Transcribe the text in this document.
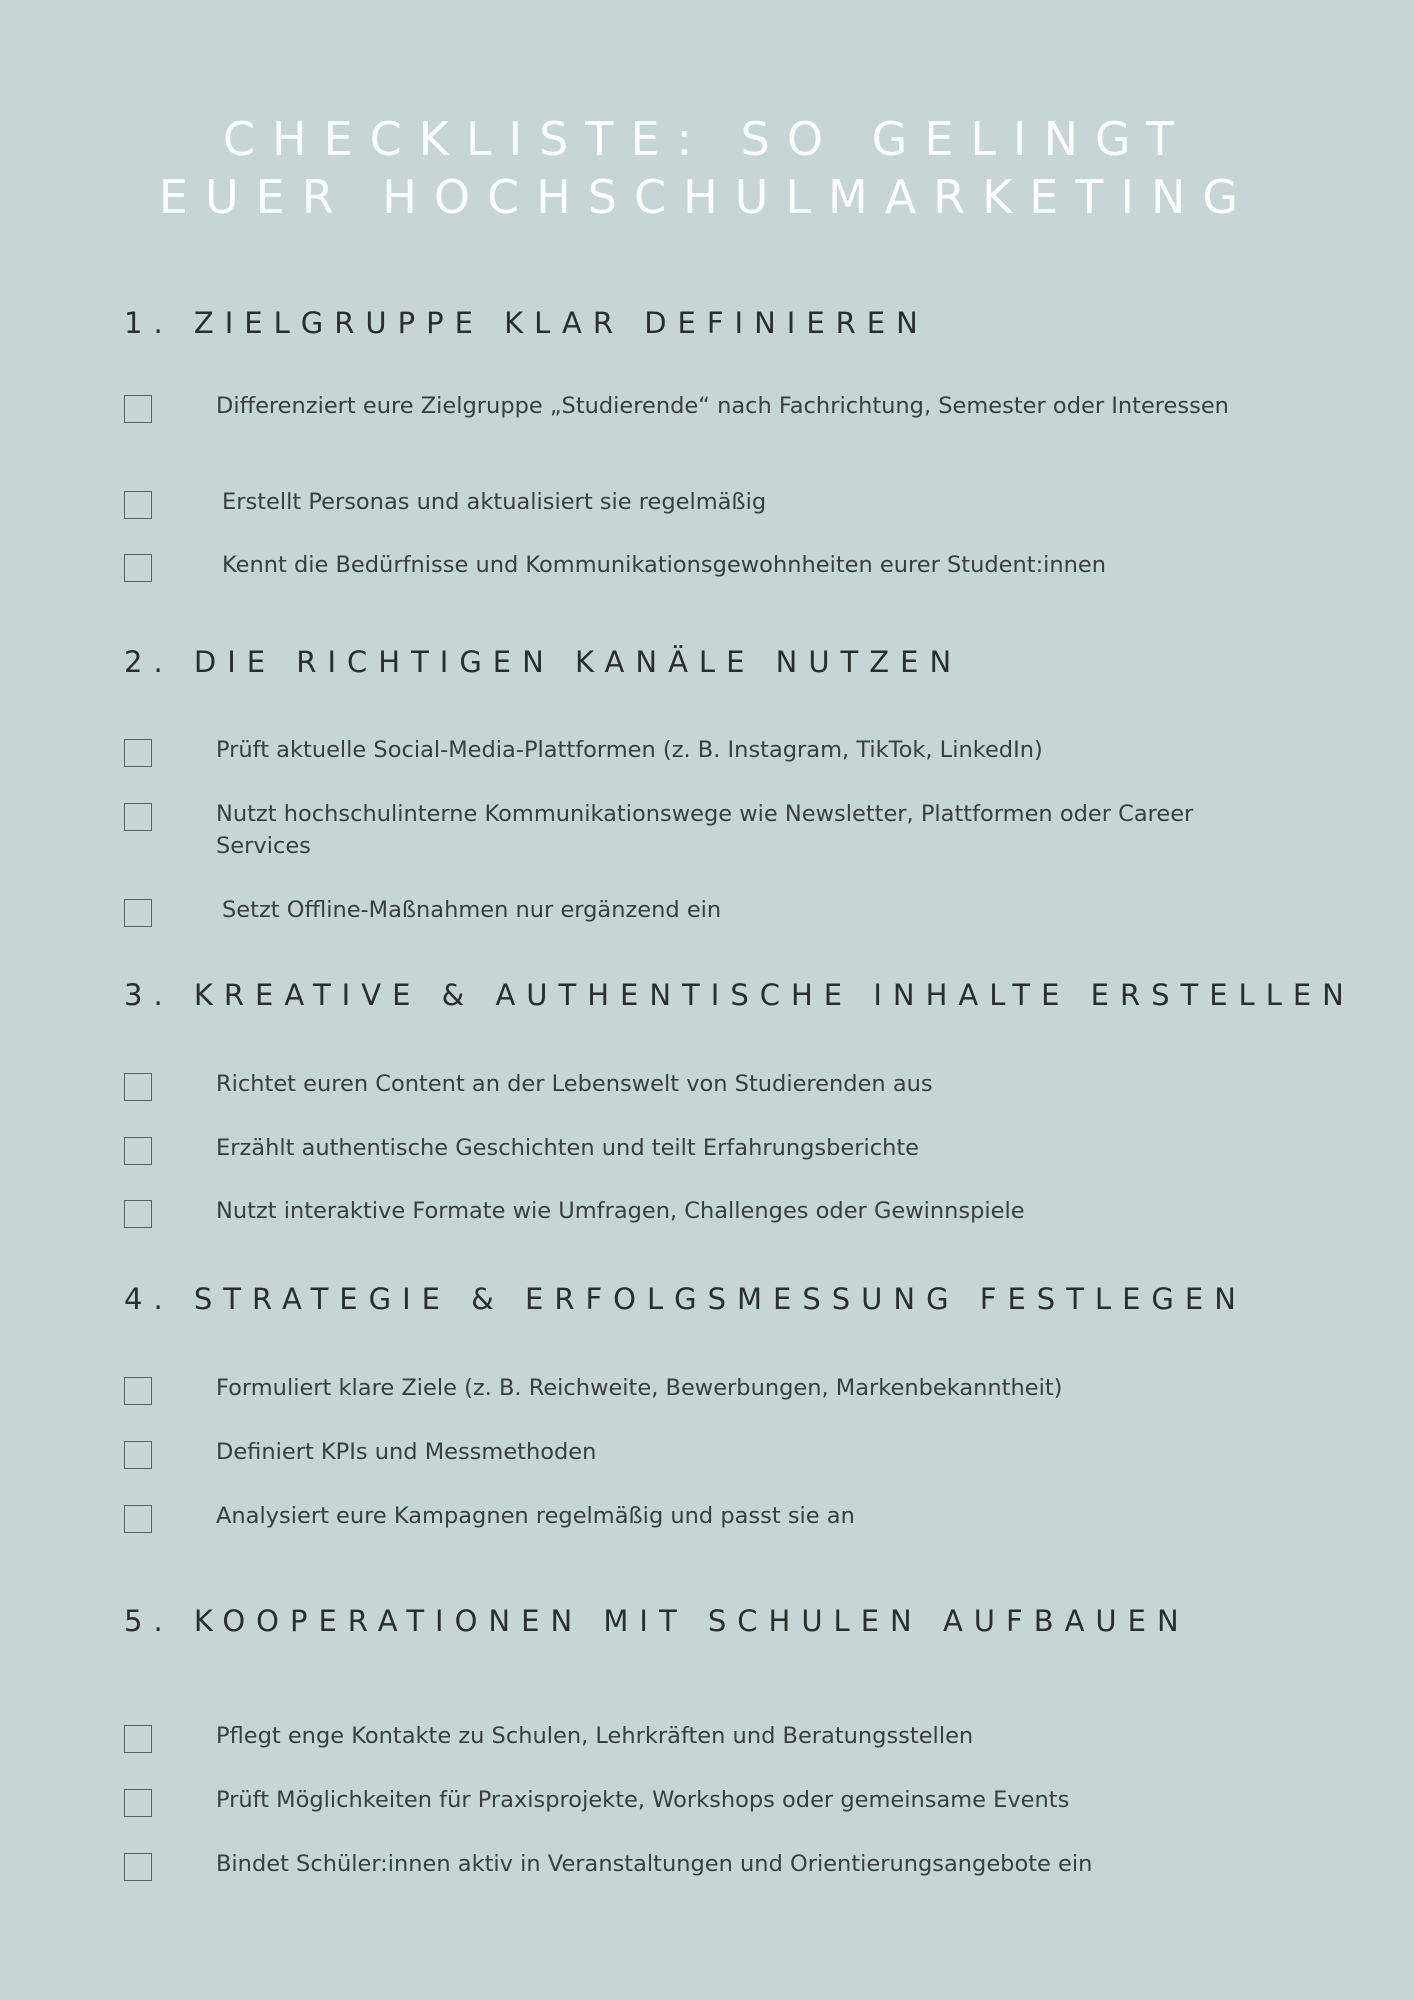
CHECKLISTE: SO GELINGT
EUER HOCHSCHULMARKETING
1. ZIELGRUPPE KLAR DEFINIEREN
Differenziert eure Zielgruppe „Studierende“ nach Fachrichtung, Semester oder Interessen
Erstellt Personas und aktualisiert sie regelmäßig
Kennt die Bedürfnisse und Kommunikationsgewohnheiten eurer Student:innen
2. DIE RICHTIGEN KANÄLE NUTZEN
Prüft aktuelle Social-Media-Plattformen (z. B. Instagram, TikTok, LinkedIn)
Nutzt hochschulinterne Kommunikationswege wie Newsletter, Plattformen oder Career Services
Setzt Offline-Maßnahmen nur ergänzend ein
3. KREATIVE & AUTHENTISCHE INHALTE ERSTELLEN
Richtet euren Content an der Lebenswelt von Studierenden aus
Erzählt authentische Geschichten und teilt Erfahrungsberichte
Nutzt interaktive Formate wie Umfragen, Challenges oder Gewinnspiele
4. STRATEGIE & ERFOLGSMESSUNG FESTLEGEN
Formuliert klare Ziele (z. B. Reichweite, Bewerbungen, Markenbekanntheit)
Definiert KPIs und Messmethoden
Analysiert eure Kampagnen regelmäßig und passt sie an
5. KOOPERATIONEN MIT SCHULEN AUFBAUEN
Pflegt enge Kontakte zu Schulen, Lehrkräften und Beratungsstellen
Prüft Möglichkeiten für Praxisprojekte, Workshops oder gemeinsame Events
Bindet Schüler:innen aktiv in Veranstaltungen und Orientierungsangebote ein
